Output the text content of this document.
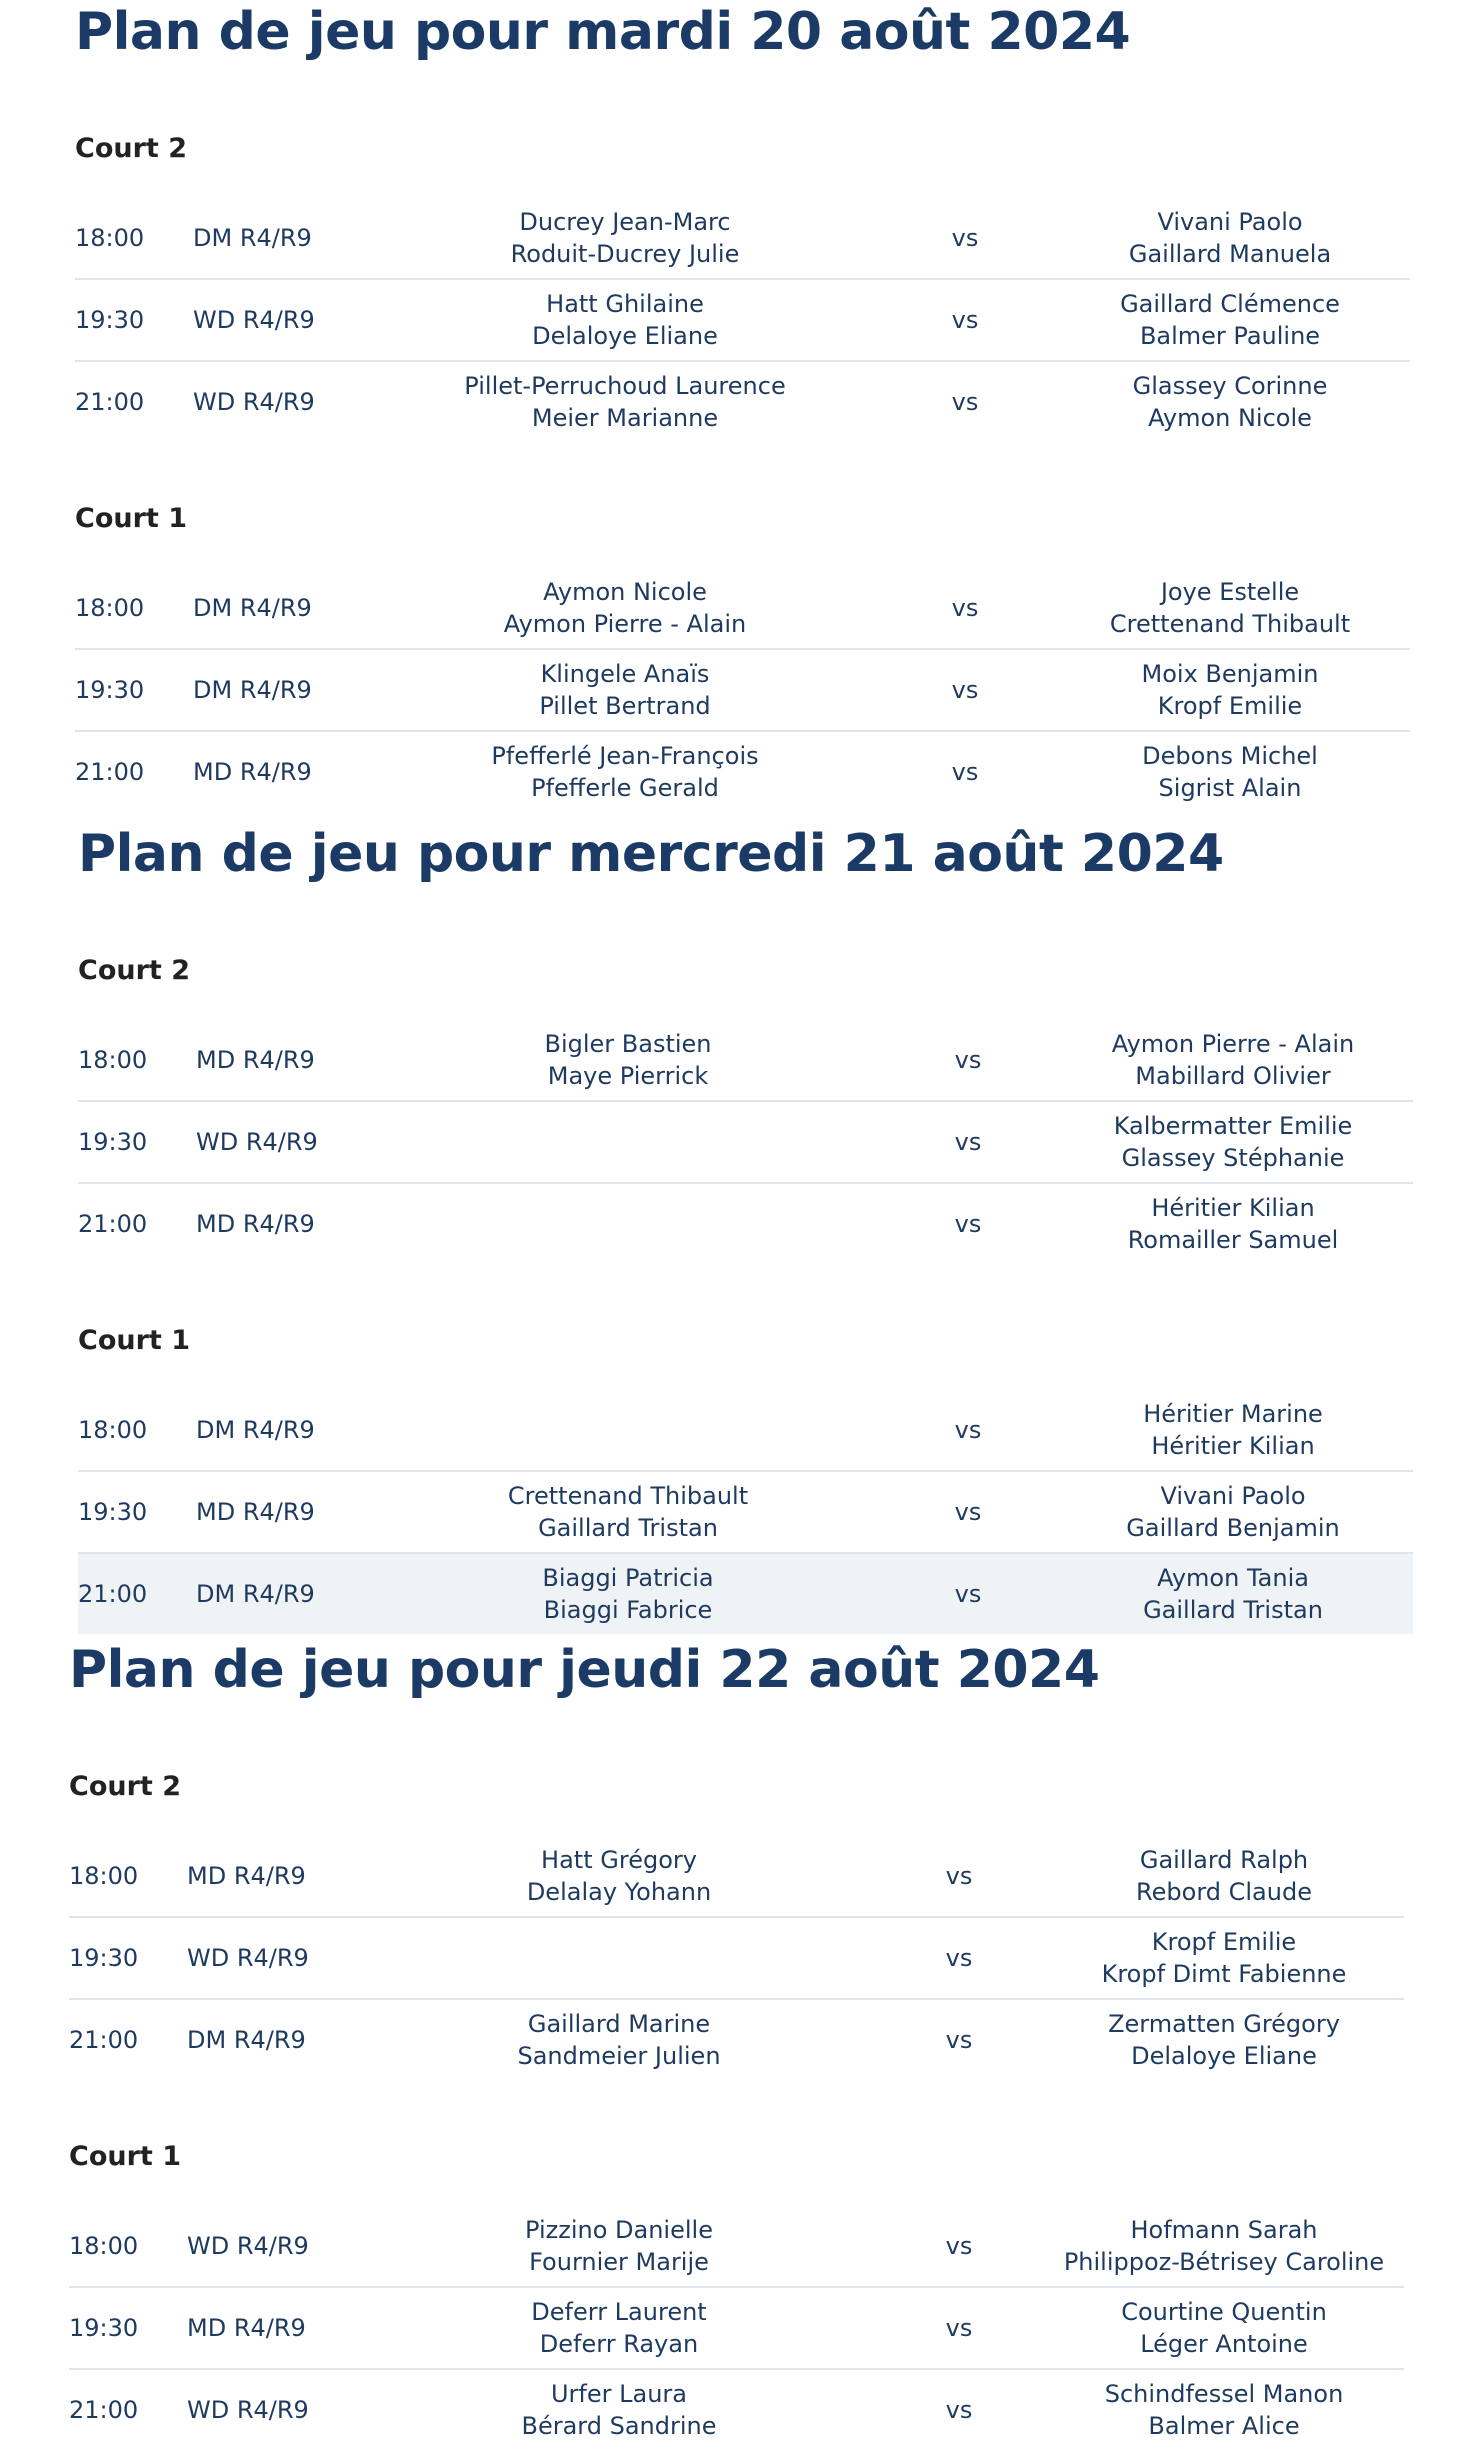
Plan de jeu pour mardi 20 août 2024
Court 2
18:00	DM R4/R9
Ducrey Jean-Marc
Roduit-Ducrey Julie
vs
Vivani Paolo
Gaillard Manuela
19:30	WD R4/R9
Hatt Ghilaine
Delaloye Eliane
vs
Gaillard Clémence
Balmer Pauline
21:00	WD R4/R9
Pillet-Perruchoud Laurence
Meier Marianne
vs
Glassey Corinne
Aymon Nicole
Court 1
18:00	DM R4/R9
Aymon Nicole
Aymon Pierre - Alain
vs
Joye Estelle
Crettenand Thibault
19:30	DM R4/R9
Klingele Anaïs
Pillet Bertrand
vs
Moix Benjamin
Kropf Emilie
21:00	MD R4/R9
Pfefferlé Jean-François
Pfefferle Gerald
vs
Debons Michel
Sigrist Alain
Plan de jeu pour mercredi 21 août 2024
Court 2
18:00	MD R4/R9
Bigler Bastien
Maye Pierrick
vs
Aymon Pierre - Alain
Mabillard Olivier
19:30	WD R4/R9	vs
Kalbermatter Emilie
Glassey Stéphanie
21:00	MD R4/R9	vs
Héritier Kilian
Romailler Samuel
Court 1
18:00	DM R4/R9	vs
Héritier Marine
Héritier Kilian
19:30	MD R4/R9
Crettenand Thibault
Gaillard Tristan
vs
Vivani Paolo
Gaillard Benjamin
21:00	DM R4/R9
Biaggi Patricia
Biaggi Fabrice
vs
Aymon Tania
Gaillard Tristan
Plan de jeu pour jeudi 22 août 2024
Court 2
18:00	MD R4/R9
Hatt Grégory
Delalay Yohann
vs
Gaillard Ralph
Rebord Claude
19:30	WD R4/R9	vs
Kropf Emilie
Kropf Dimt Fabienne
21:00	DM R4/R9
Gaillard Marine
Sandmeier Julien
vs
Zermatten Grégory
Delaloye Eliane
Court 1
18:00	WD R4/R9
Pizzino Danielle
Fournier Marije
vs
Hofmann Sarah
Philippoz-Bétrisey Caroline
19:30	MD R4/R9
Deferr Laurent
Deferr Rayan
vs
Courtine Quentin
Léger Antoine
21:00	WD R4/R9
Urfer Laura
Bérard Sandrine
vs
Schindfessel Manon
Balmer Alice
